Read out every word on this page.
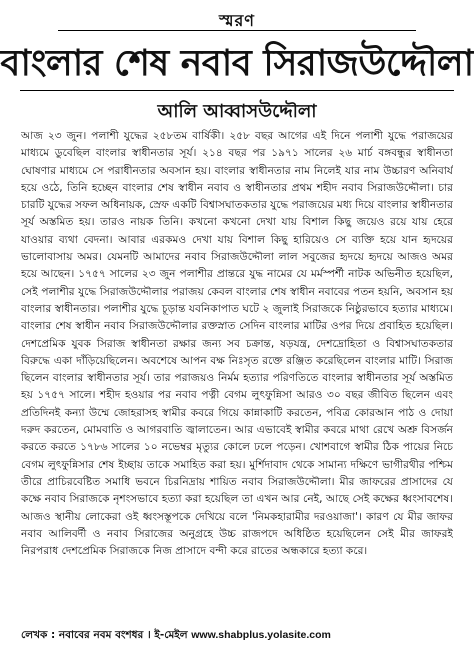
স্মরণ
বাংলার শেষ নবাব সিরাজউদ্দৌলা
আলি আব্বাসউদ্দৌলা

আজ ২৩ জুন। পলাশী যুদ্ধের ২৫৮তম বার্ষিকী। ২৫৮ বছর আগের এই দিনে পলাশী যুদ্ধে পরাজয়ের মাধ্যমে ডুবেছিল বাংলার স্বাধীনতার সূর্য। ২১৪ বছর পর ১৯৭১ সালের ২৬ মার্চ বঙ্গবন্ধুর স্বাধীনতা ঘোষণার মাধ্যমে সে পরাধীনতার অবসান হয়। বাংলার স্বাধীনতার নাম নিলেই যার নাম উচ্চারণ অনিবার্য হয়ে ওঠে, তিনি হচ্ছেন বাংলার শেষ স্বাধীন নবাব ও স্বাধীনতার প্রথম শহীদ নবাব সিরাজউদ্দৌলা। চার চারটি যুদ্ধের সফল অধিনায়ক, স্রেফ একটি বিশ্বাসঘাতকতার যুদ্ধে পরাজয়ের মধ্য দিয়ে বাংলার স্বাধীনতার সূর্য অস্তমিত হয়। তারও নায়ক তিনি। কখনো কখনো দেখা যায় বিশাল কিছু জয়েও রয়ে যায় হেরে যাওয়ার ব্যথা বেদনা। আবার এরকমও দেখা যায় বিশাল কিছু হারিয়েও সে ব্যক্তি হয়ে যান হৃদয়ের ভালোবাসায় অমর। যেমনটি আমাদের নবাব সিরাজউদ্দৌলা লাল সবুজের হৃদয়ে হৃদয়ে আজও অমর হয়ে আছেন। ১৭৫৭ সালের ২৩ জুন পলাশীর প্রান্তরে যুদ্ধ নামের যে মর্মস্পর্শী নাটক অভিনীত হয়েছিল, সেই পলাশীর যুদ্ধে সিরাজউদ্দৌলার পরাজয় কেবল বাংলার শেষ স্বাধীন নবাবের পতন হয়নি, অবসান হয় বাংলার স্বাধীনতার। পলাশীর যুদ্ধে চূড়ান্ত যবনিকাপাত ঘটে ২ জুলাই সিরাজকে নিষ্ঠুরভাবে হত্যার মাধ্যমে। বাংলার শেষ স্বাধীন নবাব সিরাজউদ্দৌলার রক্তস্নাত সেদিন বাংলার মাটির ওপর দিয়ে প্রবাহিত হয়েছিল। দেশপ্রেমিক যুবক সিরাজ স্বাধীনতা রক্ষার জন্য সব চক্রান্ত, ষড়যন্ত্র, দেশদ্রোহিতা ও বিশ্বাসঘাতকতার বিরুদ্ধে একা দাঁড়িয়েছিলেন। অবশেষে আপন বক্ষ নিঃসৃত রক্তে রঞ্জিত করেছিলেন বাংলার মাটি। সিরাজ ছিলেন বাংলার স্বাধীনতার সূর্য। তার পরাজয়ও নির্মম হত্যার পরিণতিতে বাংলার স্বাধীনতার সূর্য অস্তমিত হয় ১৭৫৭ সালে। শহীদ হওয়ার পর নবাব পত্নী বেগম লুৎফুন্নিসা আরও ৩০ বছর জীবিত ছিলেন এবং প্রতিদিনই কন্যা উম্মে জোহরাসহ স্বামীর কবরে গিয়ে কান্নাকাটি করতেন, পবিত্র কোরআন পাঠ ও দোয়া দরুদ করতেন, মোমবাতি ও আগরবাতি জ্বালাতেন। আর এভাবেই স্বামীর কবরে মাথা রেখে অশ্রু বিসর্জন করতে করতে ১৭৮৬ সালের ১০ নভেম্বর মৃত্যুর কোলে ঢলে পড়েন। খোশবাগে স্বামীর ঠিক পায়ের নিচে বেগম লুৎফুন্নিসার শেষ ইচ্ছায় তাকে সমাহিত করা হয়। মুর্শিদাবাদ থেকে সামান্য দক্ষিণে ভাগীরথীর পশ্চিম তীরে প্রাচিরবেষ্টিত সমাধি ভবনে চিরনিদ্রায় শায়িত নবাব সিরাজউদ্দৌলা। মীর জাফরের প্রাসাদের যে কক্ষে নবাব সিরাজকে নৃশংসভাবে হত্যা করা হয়েছিল তা এখন আর নেই, আছে সেই কক্ষের ধ্বংসাবশেষ। আজও স্থানীয় লোকেরা ওই ধ্বংসস্তূপকে দেখিয়ে বলে 'নিমকহারামীর দরওয়াজা'। কারণ যে মীর জাফর নবাব আলিবর্দী ও নবাব সিরাজের অনুগ্রহে উচ্চ রাজপদে অধিষ্ঠিত হয়েছিলেন সেই মীর জাফরই নিরপরাধ দেশপ্রেমিক সিরাজকে নিজ প্রাসাদে বন্দী করে রাতের অন্ধকারে হত্যা করে।

লেখক : নবাবের নবম বংশধর । ই-মেইল www.shabplus.yolasite.com
